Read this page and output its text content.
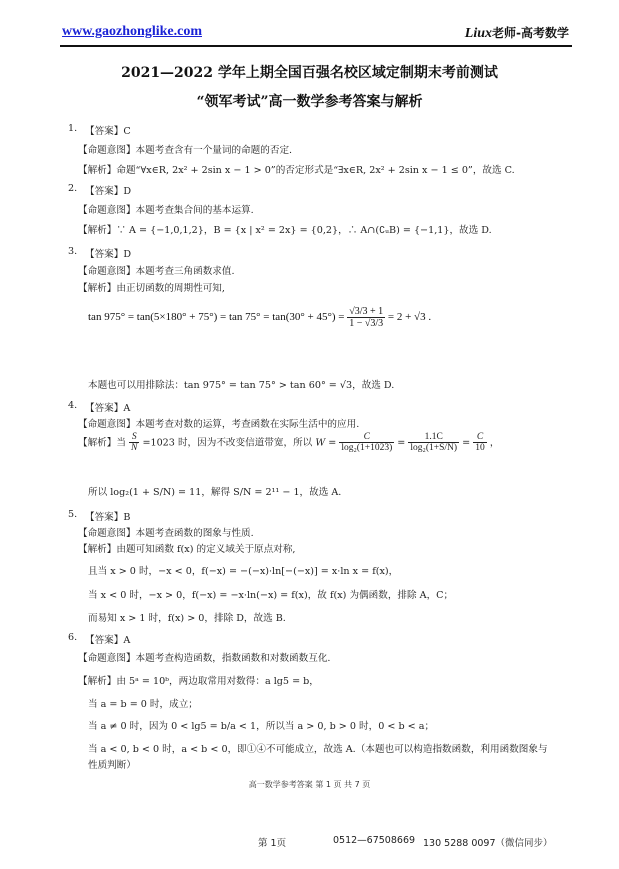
www.gaozhonglike.com	Liux老师-高考数学
2021—2022 学年上期全国百强名校区域定制期末考前测试
“领军考试”高一数学参考答案与解析
1. 【答案】C
【命题意图】本题考查含有一个量词的命题的否定.
【解析】命题“∀x∈R, 2x² + 2sin x − 1 > 0”的否定形式是“∃x∈R, 2x² + 2sin x − 1 ≤ 0”，故选 C.
2. 【答案】D
【命题意图】本题考查集合间的基本运算.
【解析】∵ A = {−1,0,1,2}，B = {x | x² = 2x} = {0,2}，∴ A∩(∁ᵤB) = {−1,1}，故选 D.
3. 【答案】D
【命题意图】本题考查三角函数求值.
【解析】由正切函数的周期性可知,
$\tan 975^\circ = \tan(5\times 180^\circ + 75^\circ) = \tan 75^\circ = \tan(30^\circ + 45^\circ) = \frac{√3/3 + 1}{1 - √3/3} = 2 + √3$ .
本题也可以用排除法：tan 975° = tan 75° > tan 60° = √3，故选 D.
4. 【答案】A
【命题意图】本题考查对数的运算，考查函数在实际生活中的应用.
【解析】当 $\frac{S}{N} =1023$ 时，因为不改变信道带宽，所以 $W = \frac{C}{\text{log₂(1+1023)}} = \frac{1.1C}{\text{log₂(1+S/N)}} = \frac{C}{10}$ ，
所以 log₂(1 + S/N) = 11，解得 S/N = 2¹¹ − 1，故选 A.
5. 【答案】B
【命题意图】本题考查函数的图象与性质.
【解析】由题可知函数 f(x) 的定义域关于原点对称,
且当 x > 0 时，−x < 0，f(−x) = −(−x)·ln[−(−x)] = x·ln x = f(x)，
当 x < 0 时，−x > 0，f(−x) = −x·ln(−x) = f(x)，故 f(x) 为偶函数，排除 A，C；
而易知 x > 1 时，f(x) > 0，排除 D，故选 B.
6. 【答案】A
【命题意图】本题考查构造函数，指数函数和对数函数互化.
【解析】由 5ᵃ = 10ᵇ，两边取常用对数得：a lg5 = b，
当 a = b = 0 时，成立；
当 a ≠ 0 时，因为 0 < lg5 = b/a < 1，所以当 a > 0, b > 0 时，0 < b < a；
当 a < 0, b < 0 时，a < b < 0，即①④不可能成立，故选 A.（本题也可以构造指数函数，利用函数图象与
性质判断）
高一数学参考答案 第 1 页 共 7 页
第 1页	0512—67508669 130 5288 0097（微信同步）
